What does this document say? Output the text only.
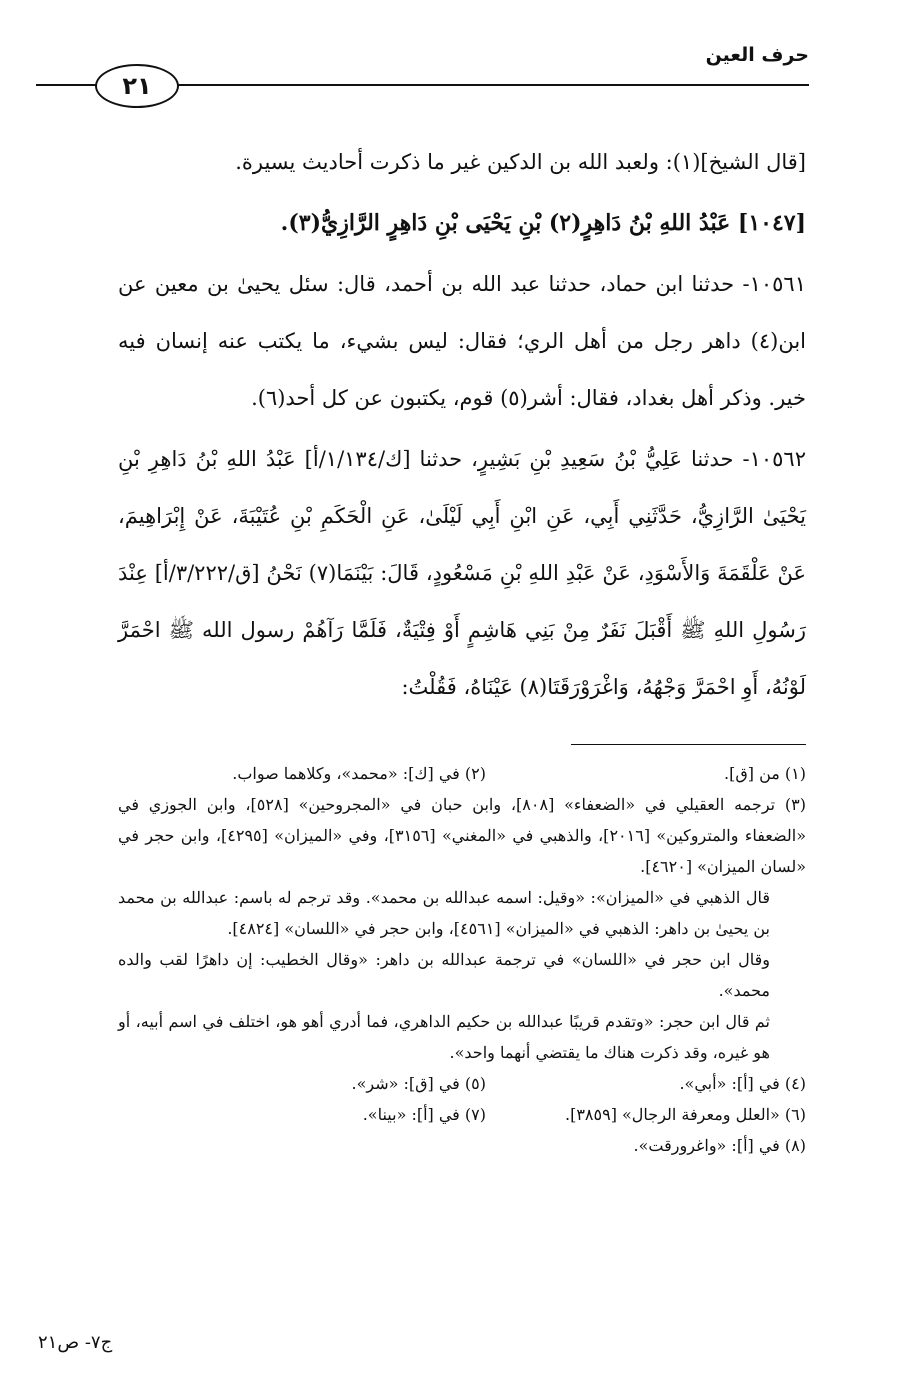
حرف العين
٢١

[قال الشيخ](١): ولعبد الله بن الدكين غير ما ذكرت أحاديث يسيرة.

[١٠٤٧] عَبْدُ اللهِ بْنُ دَاهِرٍ(٢) بْنِ يَحْيَى بْنِ دَاهِرٍ الرَّازِيُّ(٣).

١٠٥٦١- حدثنا ابن حماد، حدثنا عبد الله بن أحمد، قال: سئل يحيىٰ بن معين عن ابن(٤) داهر رجل من أهل الري؛ فقال: ليس بشيء، ما يكتب عنه إنسان فيه خير. وذكر أهل بغداد، فقال: أشر(٥) قوم، يكتبون عن كل أحد(٦).

١٠٥٦٢- حدثنا عَلِيُّ بْنُ سَعِيدِ بْنِ بَشِيرٍ، حدثنا [ك/١/١٣٤/أ] عَبْدُ اللهِ بْنُ دَاهِرِ بْنِ يَحْيَىٰ الرَّازِيُّ، حَدَّثَنِي أَبِي، عَنِ ابْنِ أَبِي لَيْلَىٰ، عَنِ الْحَكَمِ بْنِ عُتَيْبَةَ، عَنْ إِبْرَاهِيمَ، عَنْ عَلْقَمَةَ وَالأَسْوَدِ، عَنْ عَبْدِ اللهِ بْنِ مَسْعُودٍ، قَالَ: بَيْنَمَا(٧) نَحْنُ [ق/٣/٢٢٢/أ] عِنْدَ رَسُولِ اللهِ ﷺ أَقْبَلَ نَفَرٌ مِنْ بَنِي هَاشِمٍ أَوْ فِتْيَةٌ، فَلَمَّا رَآهُمْ رسول الله ﷺ احْمَرَّ لَوْنُهُ، أَوِ احْمَرَّ وَجْهُهُ، وَاغْرَوْرَقَتَا(٨) عَيْنَاهُ، فَقُلْتُ:

(١) من [ق].
(٢) في [ك]: «محمد»، وكلاهما صواب.

(٣) ترجمه العقيلي في «الضعفاء» [٨٠٨]، وابن حبان في «المجروحين» [٥٢٨]، وابن الجوزي في «الضعفاء والمتروكين» [٢٠١٦]، والذهبي في «المغني» [٣١٥٦]، وفي «الميزان» [٤٢٩٥]، وابن حجر في «لسان الميزان» [٤٦٢٠].

قال الذهبي في «الميزان»: «وقيل: اسمه عبدالله بن محمد». وقد ترجم له باسم: عبدالله بن محمد بن يحيىٰ بن داهر: الذهبي في «الميزان» [٤٥٦١]، وابن حجر في «اللسان» [٤٨٢٤].

وقال ابن حجر في «اللسان» في ترجمة عبدالله بن داهر: «وقال الخطيب: إن داهرًا لقب والده محمد».

ثم قال ابن حجر: «وتقدم قريبًا عبدالله بن حكيم الداهري، فما أدري أهو هو، اختلف في اسم أبيه، أو هو غيره، وقد ذكرت هناك ما يقتضي أنهما واحد».

(٤) في [أ]: «أبي».
(٥) في [ق]: «شر».
(٦) «العلل ومعرفة الرجال» [٣٨٥٩].
(٧) في [أ]: «بينا».

(٨) في [أ]: «واغرورقت».

ج٧- ص٢١
